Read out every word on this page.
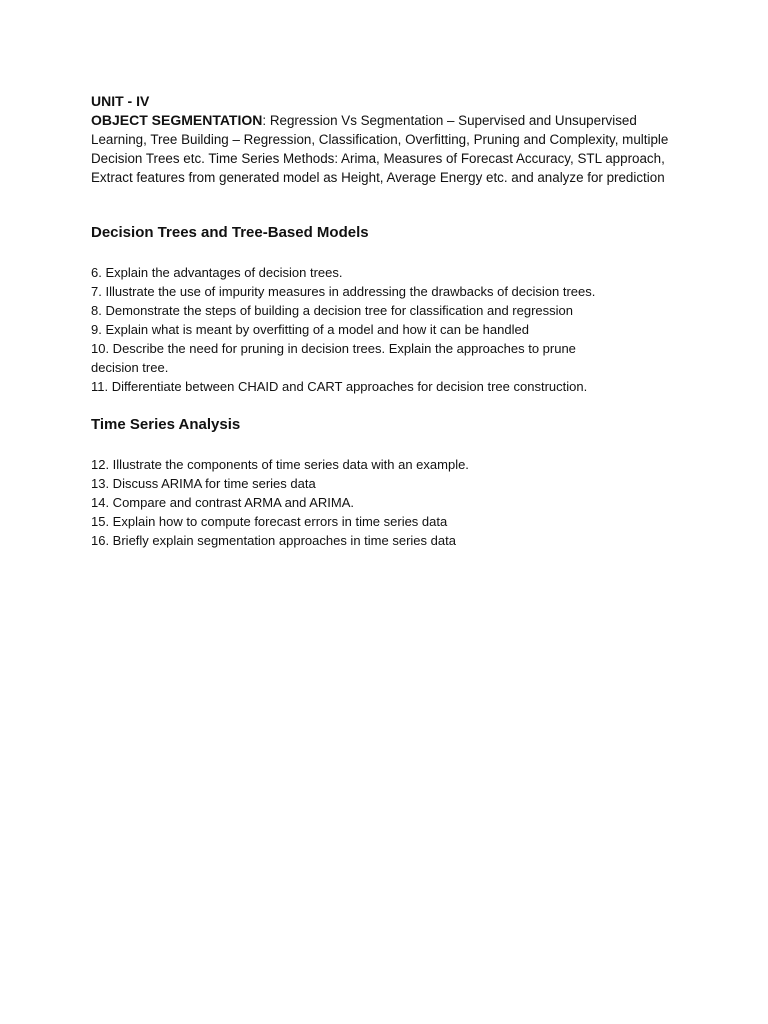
UNIT - IV

OBJECT SEGMENTATION: Regression Vs Segmentation – Supervised and Unsupervised Learning, Tree Building – Regression, Classification, Overfitting, Pruning and Complexity, multiple Decision Trees etc. Time Series Methods: Arima, Measures of Forecast Accuracy, STL approach, Extract features from generated model as Height, Average Energy etc. and analyze for prediction

Decision Trees and Tree-Based Models
6. Explain the advantages of decision trees.
7. Illustrate the use of impurity measures in addressing the drawbacks of decision trees.
8. Demonstrate the steps of building a decision tree for classification and regression
9. Explain what is meant by overfitting of a model and how it can be handled
10. Describe the need for pruning in decision trees. Explain the approaches to prune decision tree.
11. Differentiate between CHAID and CART approaches for decision tree construction.
Time Series Analysis
12. Illustrate the components of time series data with an example.
13. Discuss ARIMA for time series data
14. Compare and contrast ARMA and ARIMA.
15. Explain how to compute forecast errors in time series data
16. Briefly explain segmentation approaches in time series data
